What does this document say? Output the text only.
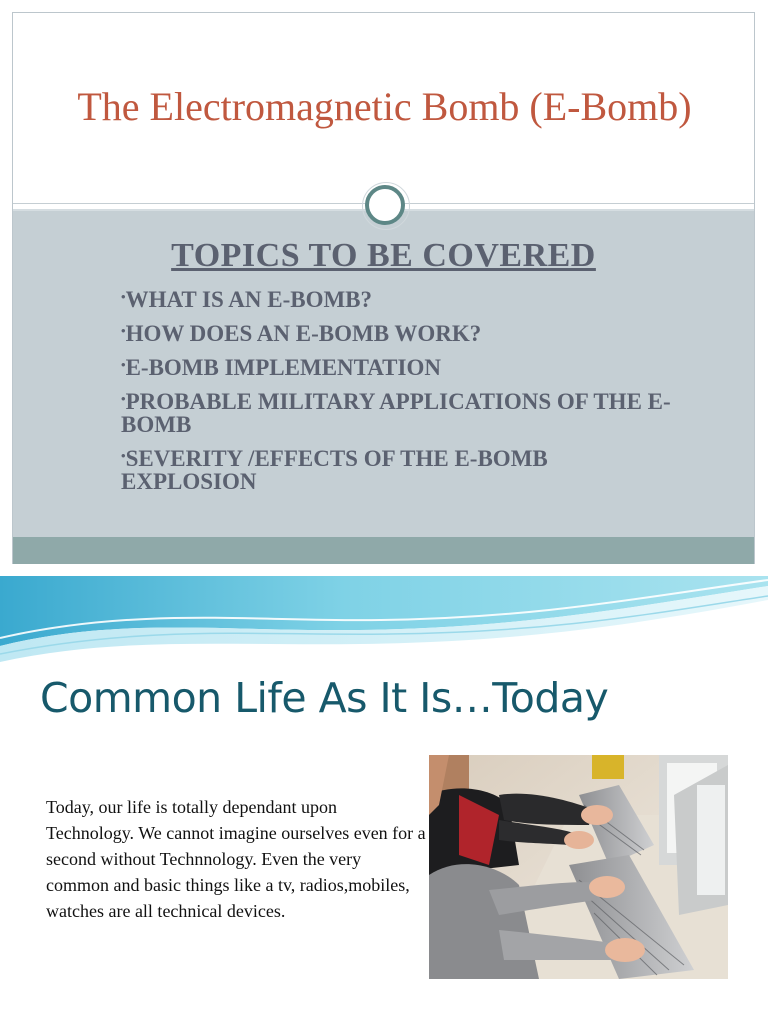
The Electromagnetic Bomb (E-Bomb)
TOPICS TO BE COVERED
•WHAT IS AN E-BOMB?
•HOW DOES AN E-BOMB WORK?
•E-BOMB IMPLEMENTATION
•PROBABLE MILITARY APPLICATIONS OF THE E-BOMB
•SEVERITY /EFFECTS OF THE E-BOMB EXPLOSION
Common Life As It Is…Today
Today, our life is totally dependant upon Technology. We cannot imagine ourselves even for a second without Technnology. Even the very common and basic things like a tv, radios,mobiles, watches are all technical devices.
